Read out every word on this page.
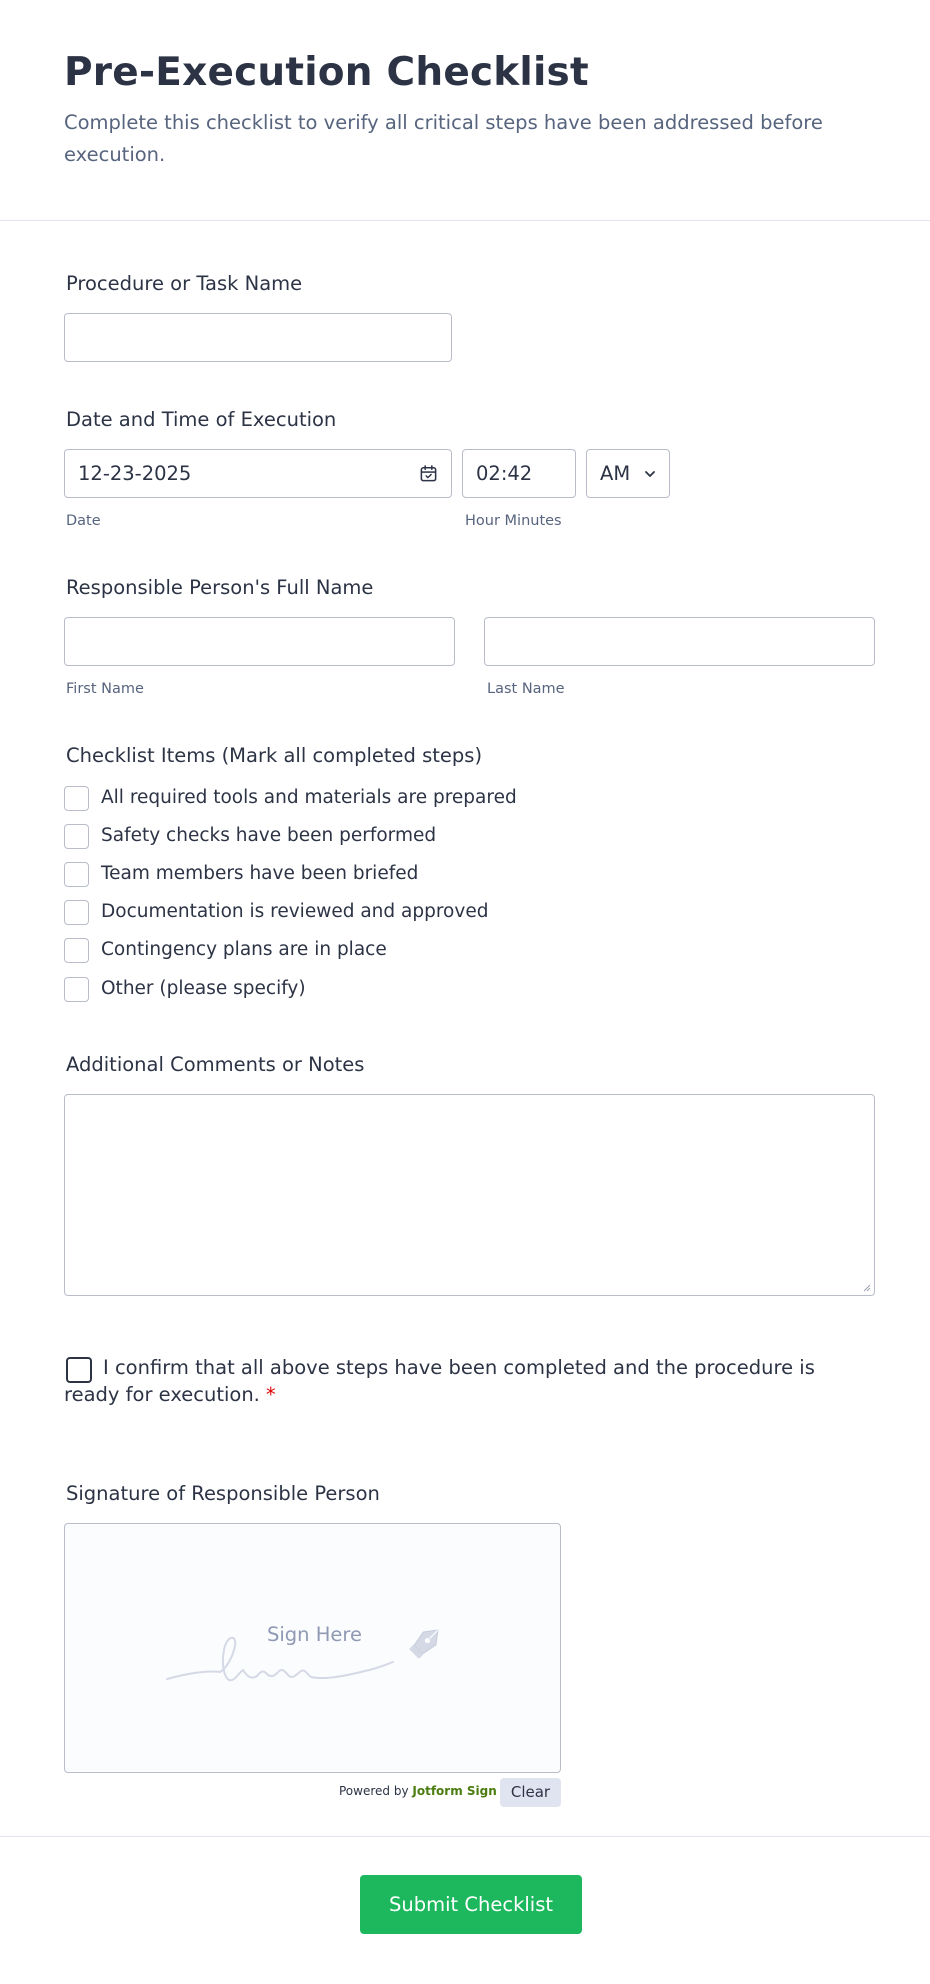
Pre-Execution Checklist
Complete this checklist to verify all critical steps have been addressed before execution.
Procedure or Task Name
Date and Time of Execution
12-23-2025
Date
02:42
Hour Minutes
AM
Responsible Person's Full Name
First Name	Last Name
Checklist Items (Mark all completed steps)
All required tools and materials are prepared
Safety checks have been performed
Team members have been briefed
Documentation is reviewed and approved
Contingency plans are in place
Other (please specify)
Additional Comments or Notes
I confirm that all above steps have been completed and the procedure is ready for execution. *
Signature of Responsible Person
Sign Here
Powered by Jotform Sign Clear
Submit Checklist
